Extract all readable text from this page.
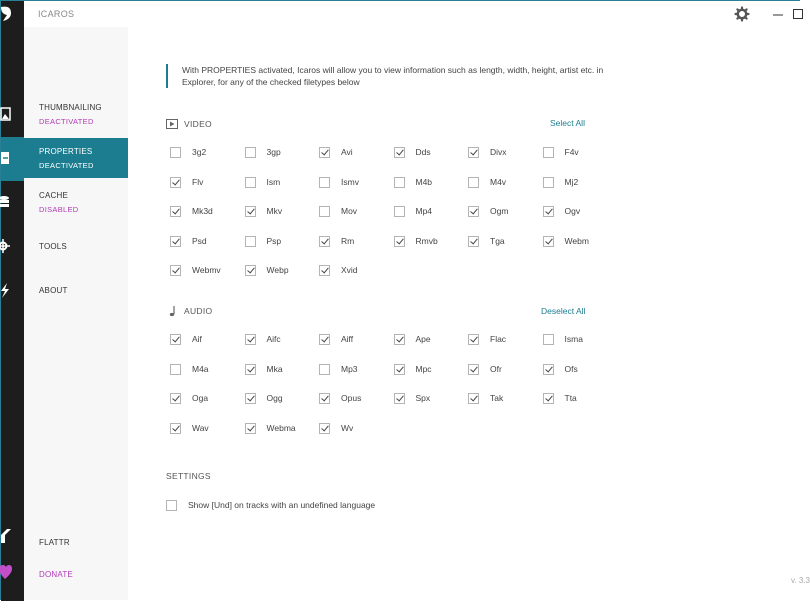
ICAROS
THUMBNAILING
DEACTIVATED
PROPERTIES
DEACTIVATED
CACHE
DISABLED
TOOLS
ABOUT
FLATTR
DONATE
With PROPERTIES activated, Icaros will allow you to view information such as length, width, height, artist etc. in Explorer, for any of the checked filetypes below
VIDEO	Select All
3g2	3gp	Avi	Dds	Divx	F4v
Flv	Ism	Ismv	M4b	M4v	Mj2
Mk3d	Mkv	Mov	Mp4	Ogm	Ogv
Psd	Psp	Rm	Rmvb	Tga	Webm
Webmv	Webp	Xvid
AUDIO	Deselect All
Aif	Aifc	Aiff	Ape	Flac	Isma
M4a	Mka	Mp3	Mpc	Ofr	Ofs
Oga	Ogg	Opus	Spx	Tak	Tta
Wav	Webma	Wv
SETTINGS
Show [Und] on tracks with an undefined language
v. 3.3
